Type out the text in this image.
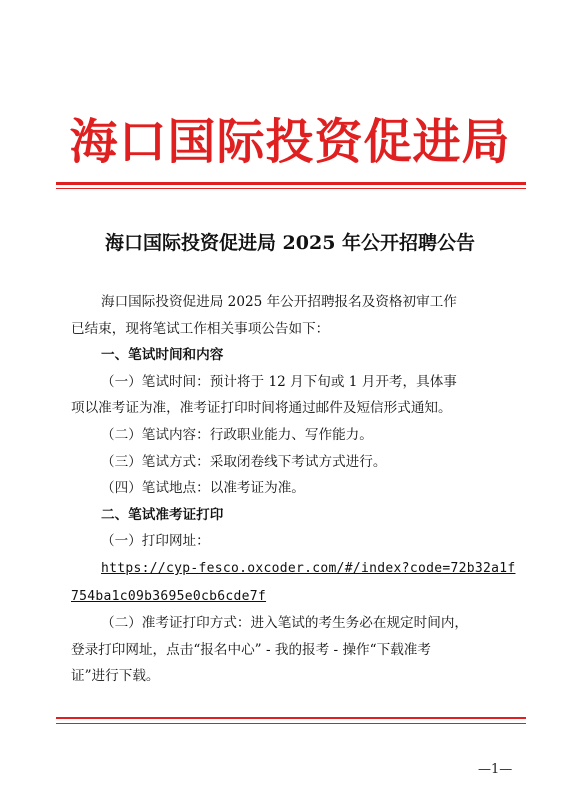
海口国际投资促进局
海口国际投资促进局 2025 年公开招聘公告

海口国际投资促进局 2025 年公开招聘报名及资格初审工作

已结束，现将笔试工作相关事项公告如下：

一、笔试时间和内容

（一）笔试时间：预计将于 12 月下旬或 1 月开考，具体事

项以准考证为准，准考证打印时间将通过邮件及短信形式通知。

（二）笔试内容：行政职业能力、写作能力。

（三）笔试方式：采取闭卷线下考试方式进行。

（四）笔试地点：以准考证为准。

二、笔试准考证打印

（一）打印网址：

https://cyp-fesco.oxcoder.com/#/index?code=72b32a1f

754ba1c09b3695e0cb6cde7f

（二）准考证打印方式：进入笔试的考生务必在规定时间内，

登录打印网址，点击“报名中心” - 我的报考 - 操作“下载准考

证”进行下载。

—1—
